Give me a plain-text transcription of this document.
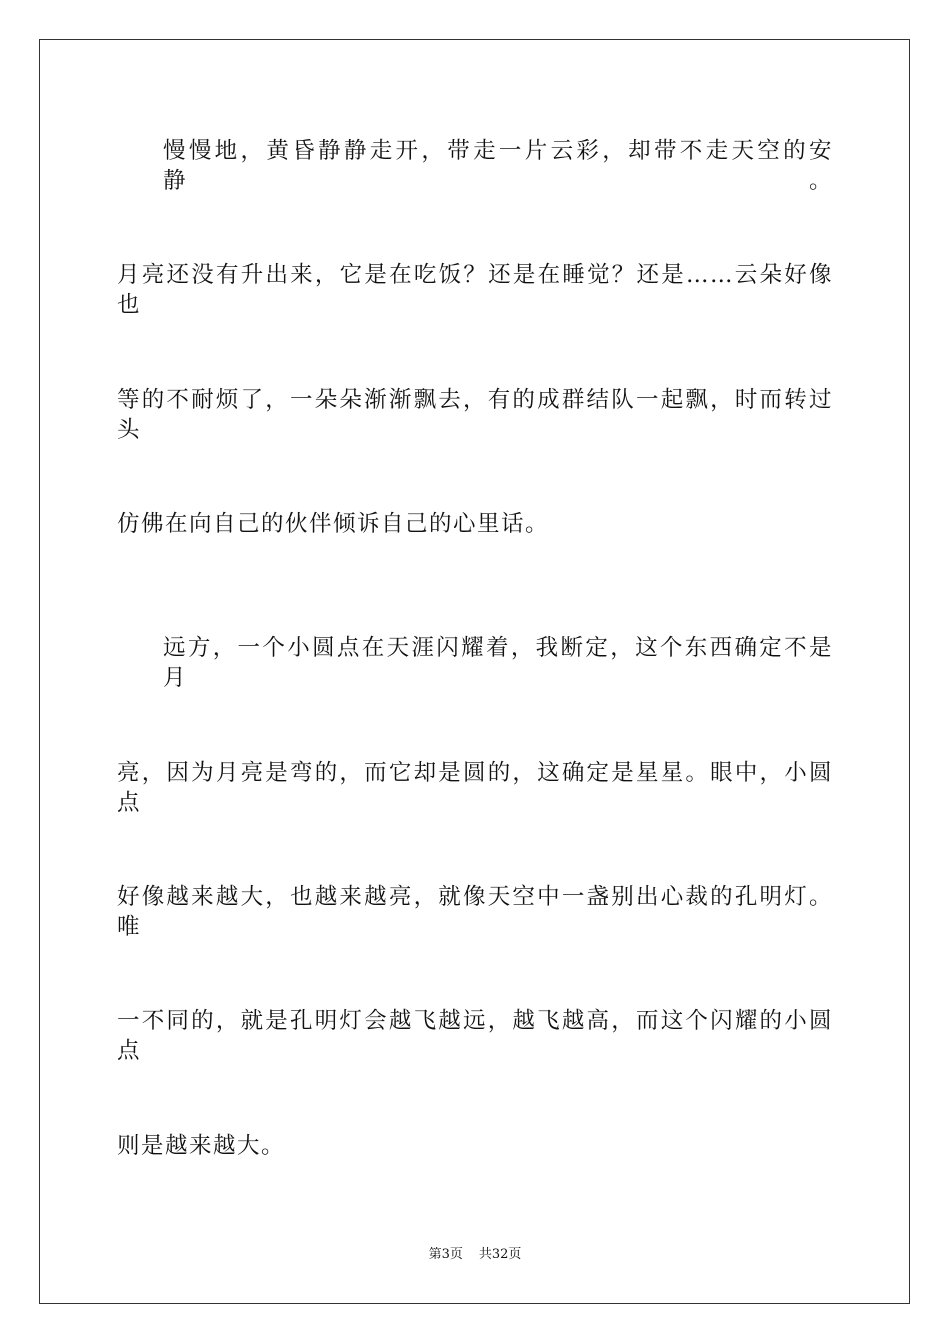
慢慢地，黄昏静静走开，带走一片云彩，却带不走天空的安静。
月亮还没有升出来，它是在吃饭？还是在睡觉？还是……云朵好像也
等的不耐烦了，一朵朵渐渐飘去，有的成群结队一起飘，时而转过头
仿佛在向自己的伙伴倾诉自己的心里话。
远方，一个小圆点在天涯闪耀着，我断定，这个东西确定不是月
亮，因为月亮是弯的，而它却是圆的，这确定是星星。眼中，小圆点
好像越来越大，也越来越亮，就像天空中一盏别出心裁的孔明灯。唯
一不同的，就是孔明灯会越飞越远，越飞越高，而这个闪耀的小圆点
则是越来越大。
第3页 共32页
